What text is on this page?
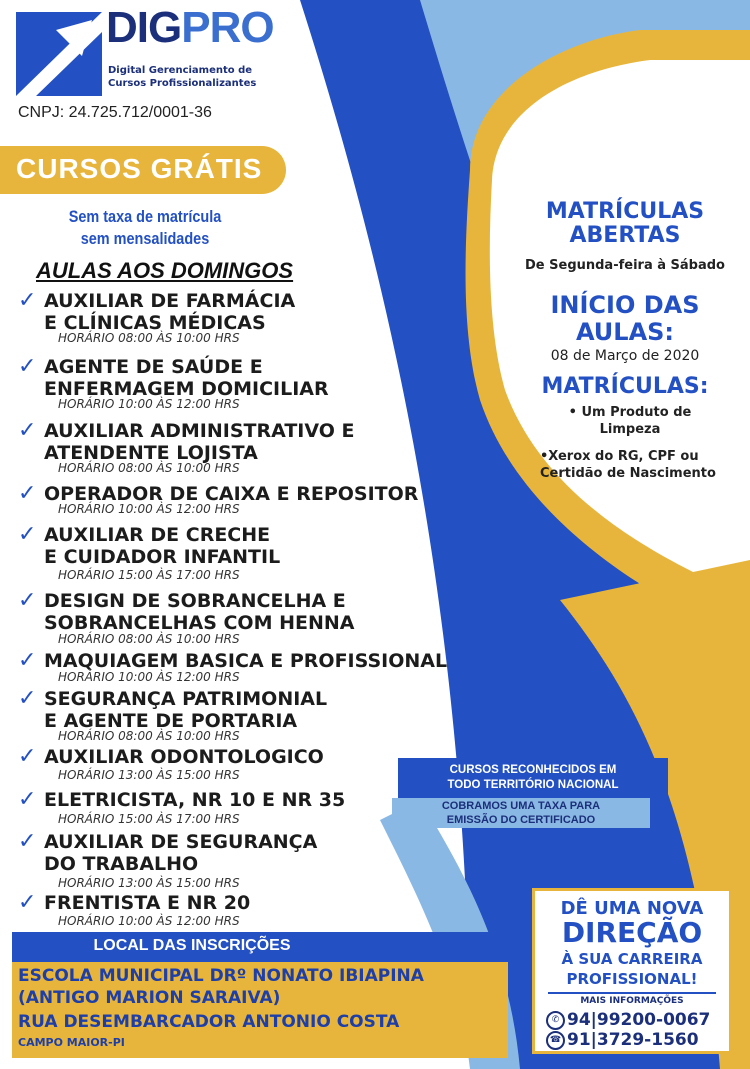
DIGPRO
Digital Gerenciamento de
Cursos Profissionalizantes
CNPJ: 24.725.712/0001-36
CURSOS GRÁTIS
Sem taxa de matrícula
sem mensalidades
AULAS AOS DOMINGOS
✓ AUXILIAR DE FARMÁCIA
E CLÍNICAS MÉDICAS
HORÁRIO 08:00 ÀS 10:00 HRS
✓ AGENTE DE SAÚDE E
ENFERMAGEM DOMICILIAR
HORÁRIO 10:00 ÀS 12:00 HRS
✓ AUXILIAR ADMINISTRATIVO E
ATENDENTE LOJISTA
HORÁRIO 08:00 ÀS 10:00 HRS
✓ OPERADOR DE CAIXA E REPOSITOR
HORÁRIO 10:00 ÀS 12:00 HRS
✓ AUXILIAR DE CRECHE
E CUIDADOR INFANTIL
HORÁRIO 15:00 ÀS 17:00 HRS
✓ DESIGN DE SOBRANCELHA E
SOBRANCELHAS COM HENNA
HORÁRIO 08:00 ÀS 10:00 HRS
✓ MAQUIAGEM BASICA E PROFISSIONAL
HORÁRIO 10:00 ÀS 12:00 HRS
✓ SEGURANÇA PATRIMONIAL
E AGENTE DE PORTARIA
HORÁRIO 08:00 ÀS 10:00 HRS
✓ AUXILIAR ODONTOLOGICO
HORÁRIO 13:00 ÀS 15:00 HRS
✓ ELETRICISTA, NR 10 E NR 35
HORÁRIO 15:00 ÀS 17:00 HRS
✓ AUXILIAR DE SEGURANÇA
DO TRABALHO
HORÁRIO 13:00 ÀS 15:00 HRS
✓ FRENTISTA E NR 20
HORÁRIO 10:00 ÀS 12:00 HRS
MATRÍCULAS
ABERTAS
De Segunda-feira à Sábado
INÍCIO DAS
AULAS:
08 de Março de 2020
MATRÍCULAS:
• Um Produto de Limpeza
•Xerox do RG, CPF ou Certidão de Nascimento
CURSOS RECONHECIDOS EM
TODO TERRITÓRIO NACIONAL
COBRAMOS UMA TAXA PARA
EMISSÃO DO CERTIFICADO
LOCAL DAS INSCRIÇÕES
ESCOLA MUNICIPAL DRº NONATO IBIAPINA
(ANTIGO MARION SARAIVA)
RUA DESEMBARCADOR ANTONIO COSTA
CAMPO MAIOR-PI
DÊ UMA NOVA
DIREÇÃO
À SUA CARREIRA
PROFISSIONAL!
MAIS INFORMAÇÕES
✆ 94|99200-0067
☎ 91|3729-1560
